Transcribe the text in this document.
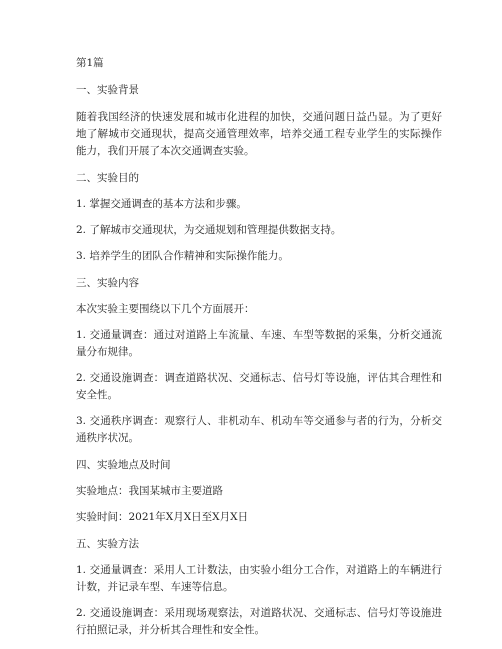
第1篇

一、实验背景

随着我国经济的快速发展和城市化进程的加快，交通问题日益凸显。为了更好地了解城市交通现状，提高交通管理效率，培养交通工程专业学生的实际操作能力，我们开展了本次交通调查实验。

二、实验目的

1. 掌握交通调查的基本方法和步骤。

2. 了解城市交通现状，为交通规划和管理提供数据支持。

3. 培养学生的团队合作精神和实际操作能力。

三、实验内容

本次实验主要围绕以下几个方面展开：

1. 交通量调查：通过对道路上车流量、车速、车型等数据的采集，分析交通流量分布规律。

2. 交通设施调查：调查道路状况、交通标志、信号灯等设施，评估其合理性和安全性。

3. 交通秩序调查：观察行人、非机动车、机动车等交通参与者的行为，分析交通秩序状况。

四、实验地点及时间

实验地点：我国某城市主要道路

实验时间：2021年X月X日至X月X日

五、实验方法

1. 交通量调查：采用人工计数法，由实验小组分工合作，对道路上的车辆进行计数，并记录车型、车速等信息。

2. 交通设施调查：采用现场观察法，对道路状况、交通标志、信号灯等设施进行拍照记录，并分析其合理性和安全性。
